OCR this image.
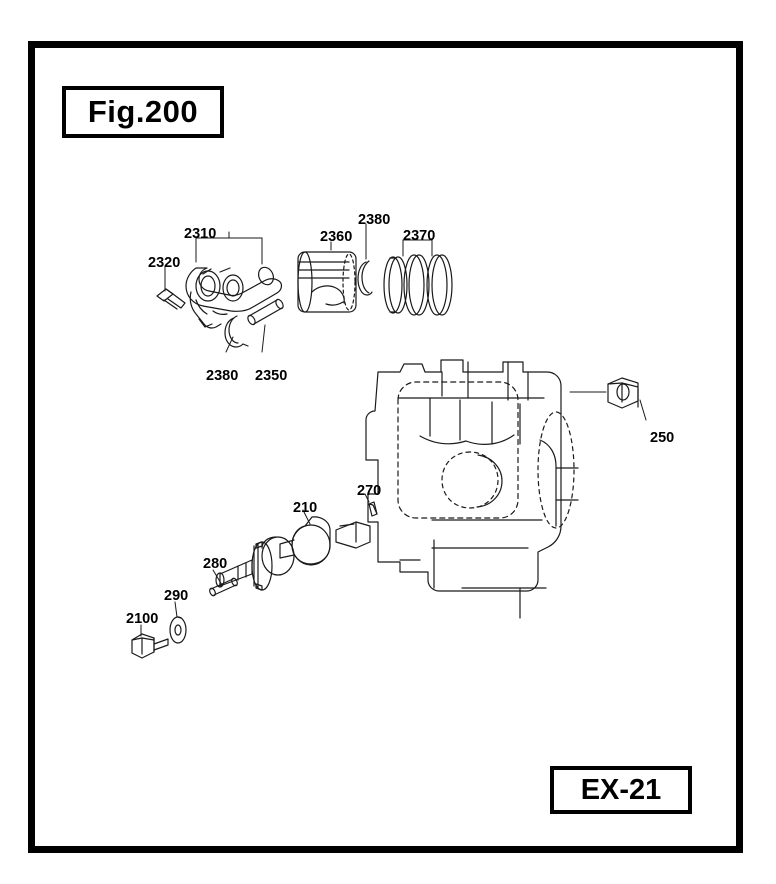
Fig.200
EX-21
2320
2310	2360
2380
2370
2380 2350
250
270
210
280
290
2100
